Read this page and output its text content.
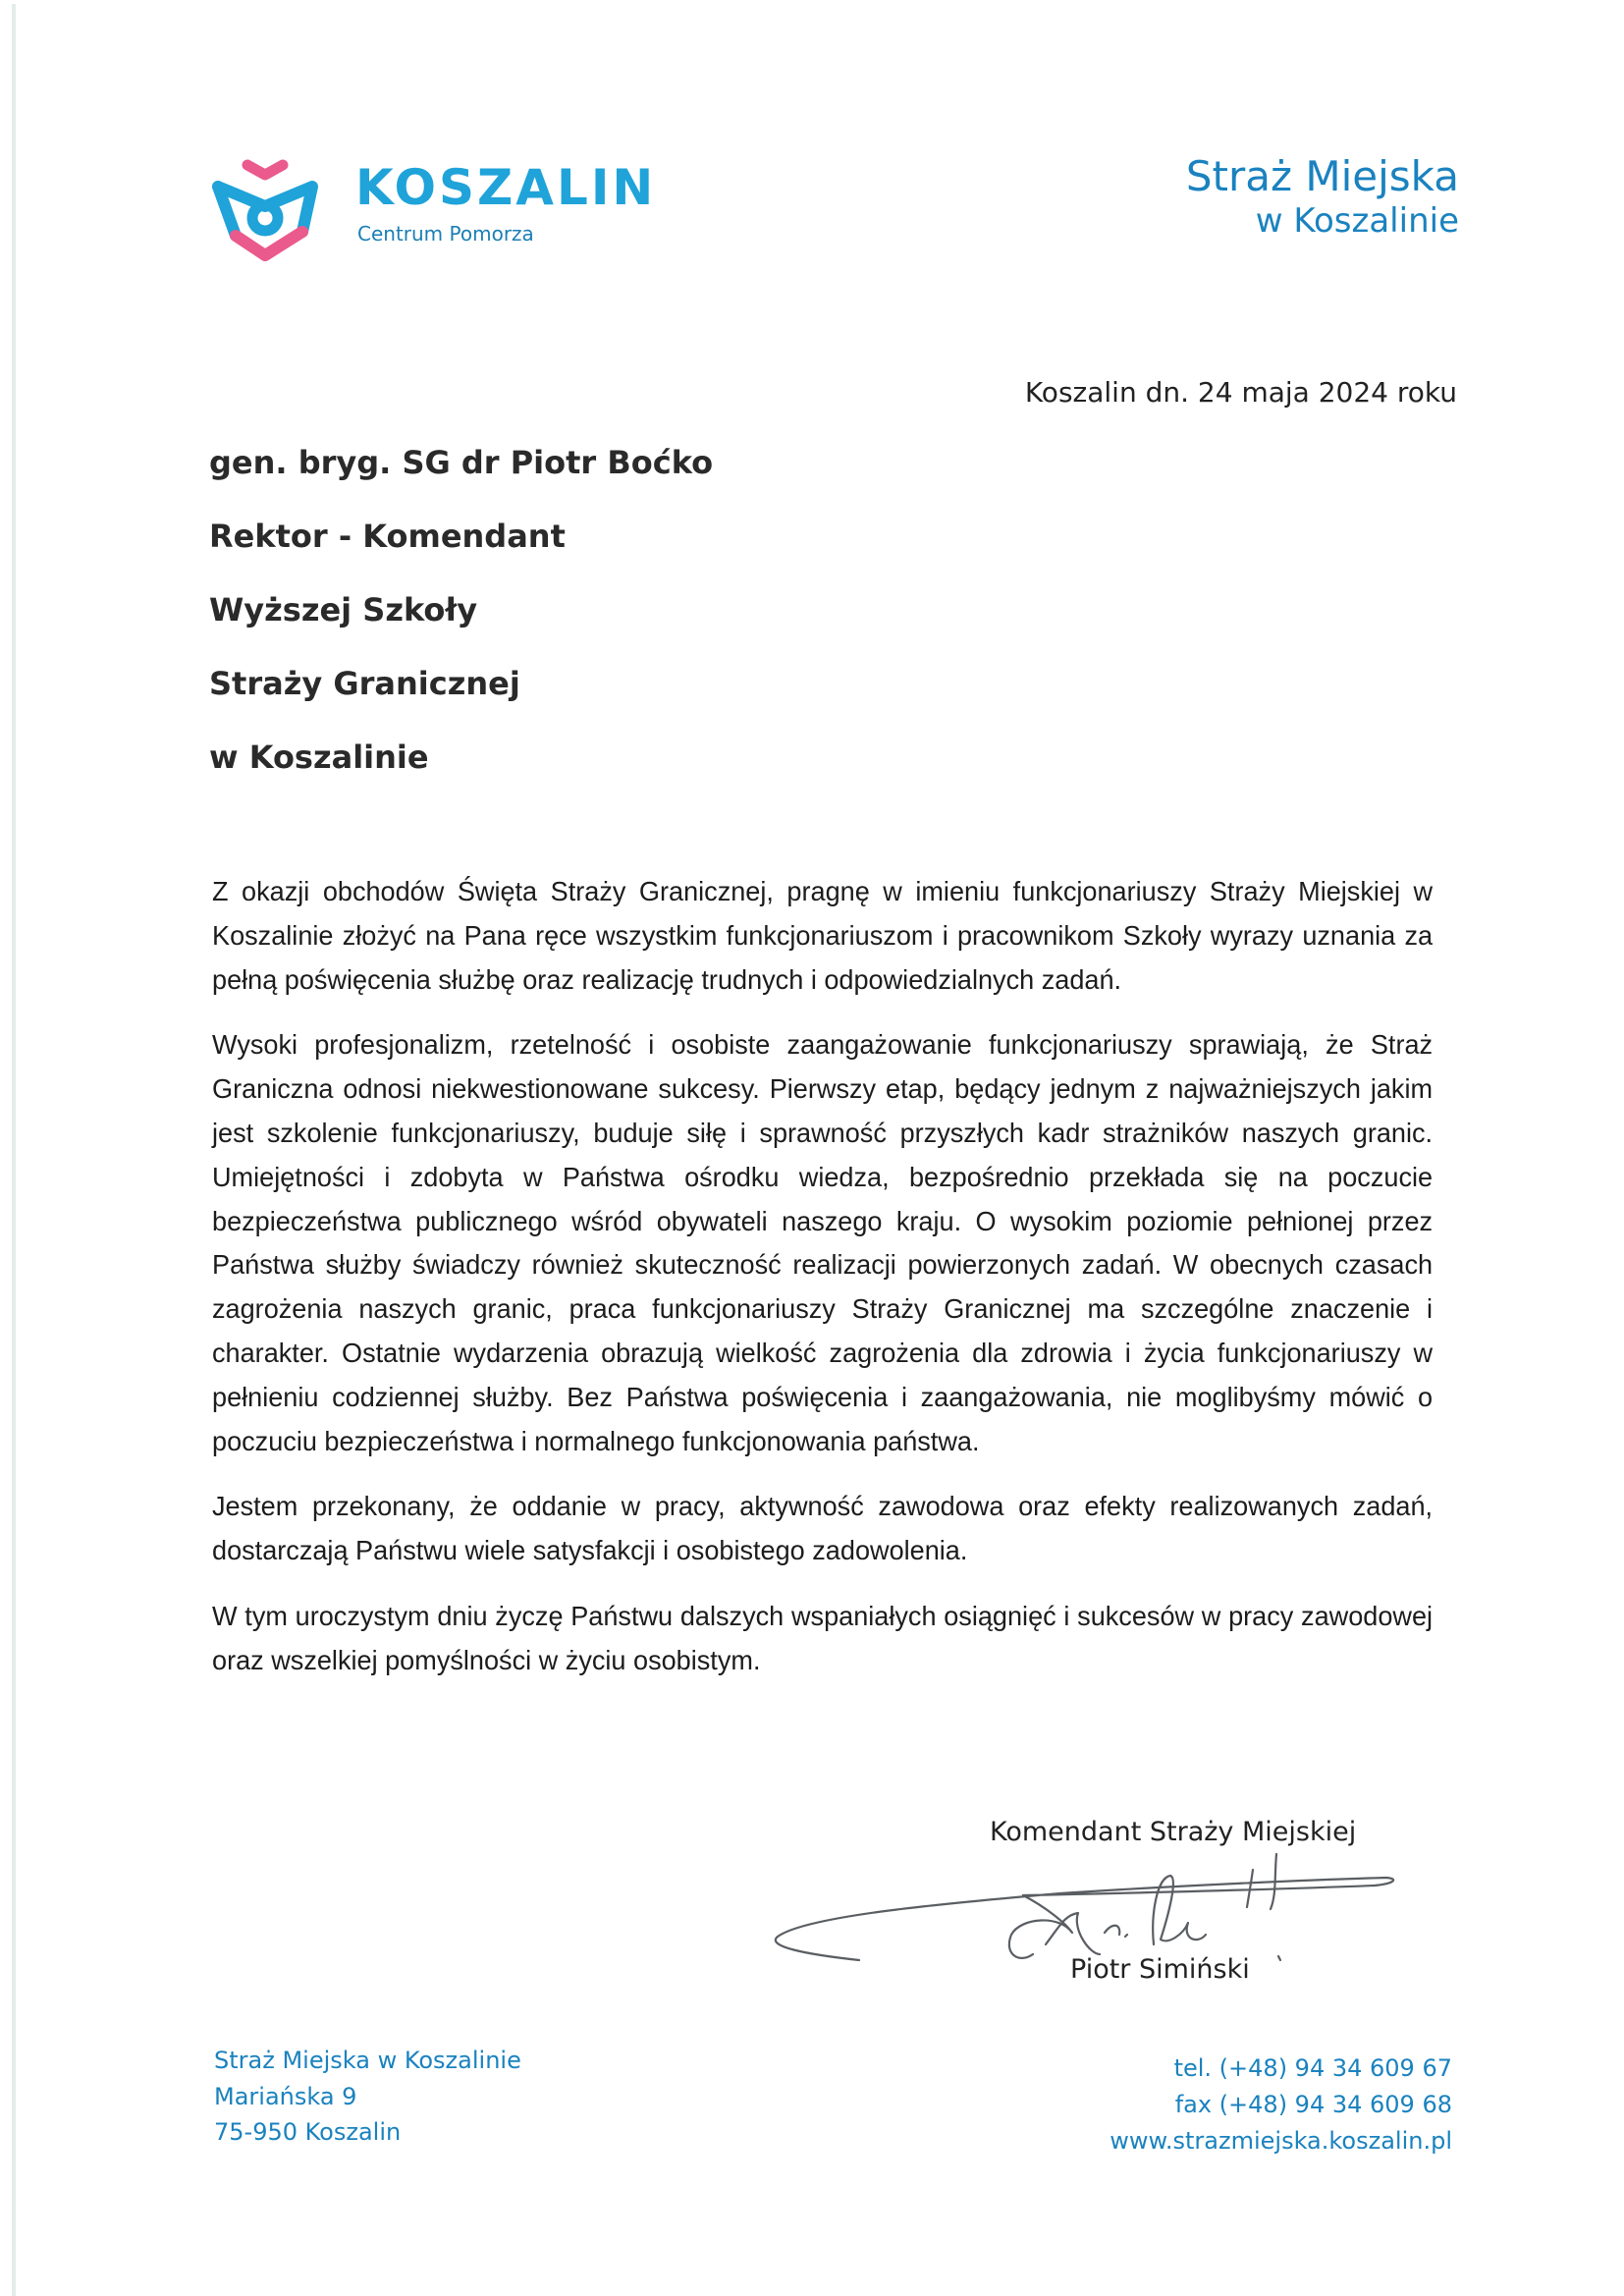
KOSZALIN
Centrum Pomorza
Straż Miejska
w Koszalinie
Koszalin dn. 24 maja 2024 roku
gen. bryg. SG dr Piotr Boćko
Rektor - Komendant
Wyższej Szkoły
Straży Granicznej
w Koszalinie

Z okazji obchodów Święta Straży Granicznej, pragnę w imieniu funkcjonariuszy Straży Miejskiej w Koszalinie złożyć na Pana ręce wszystkim funkcjonariuszom i pracownikom Szkoły wyrazy uznania za pełną poświęcenia służbę oraz realizację trudnych i odpowiedzialnych zadań.

Wysoki profesjonalizm, rzetelność i osobiste zaangażowanie funkcjonariuszy sprawiają, że Straż Graniczna odnosi niekwestionowane sukcesy. Pierwszy etap, będący jednym z najważniejszych jakim jest szkolenie funkcjonariuszy, buduje siłę i sprawność przyszłych kadr strażników naszych granic. Umiejętności i zdobyta w Państwa ośrodku wiedza, bezpośrednio przekłada się na poczucie bezpieczeństwa publicznego wśród obywateli naszego kraju. O wysokim poziomie pełnionej przez Państwa służby świadczy również skuteczność realizacji powierzonych zadań. W obecnych czasach zagrożenia naszych granic, praca funkcjonariuszy Straży Granicznej ma szczególne znaczenie i charakter. Ostatnie wydarzenia obrazują wielkość zagrożenia dla zdrowia i życia funkcjonariuszy w pełnieniu codziennej służby. Bez Państwa poświęcenia i zaangażowania, nie moglibyśmy mówić o poczuciu bezpieczeństwa i normalnego funkcjonowania państwa.

Jestem przekonany, że oddanie w pracy, aktywność zawodowa oraz efekty realizowanych zadań, dostarczają Państwu wiele satysfakcji i osobistego zadowolenia.

W tym uroczystym dniu życzę Państwu dalszych wspaniałych osiągnięć i sukcesów w pracy zawodowej oraz wszelkiej pomyślności w życiu osobistym.

Komendant Straży Miejskiej
Piotr Simiński
Straż Miejska w Koszalinie
Mariańska 9
75-950 Koszalin
tel. (+48) 94 34 609 67
fax (+48) 94 34 609 68
www.strazmiejska.koszalin.pl
